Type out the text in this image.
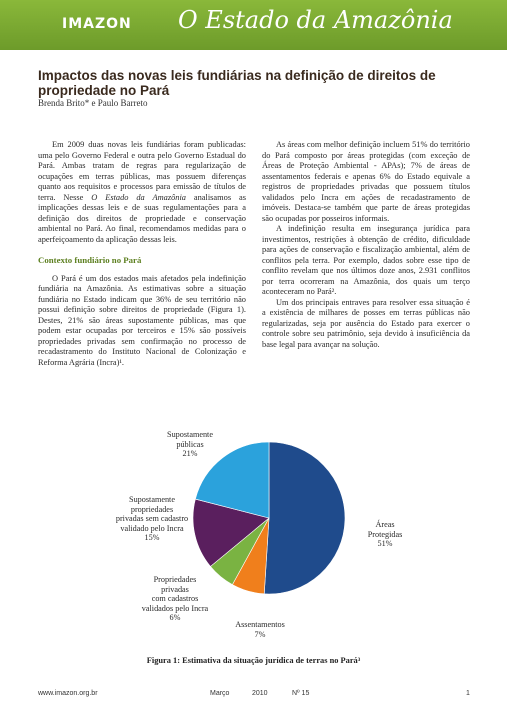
IMAZON O Estado da Amazônia
Impactos das novas leis fundiárias na definição de direitos de propriedade no Pará
Brenda Brito* e Paulo Barreto

Em 2009 duas novas leis fundiárias foram publicadas: uma pelo Governo Federal e outra pelo Governo Estadual do Pará. Ambas tratam de regras para regularização de ocupações em terras públicas, mas possuem diferenças quanto aos requisitos e processos para emissão de títulos de terra. Nesse O Estado da Amazônia analisamos as implicações dessas leis e de suas regulamentações para a definição dos direitos de propriedade e conservação ambiental no Pará. Ao final, recomendamos medidas para o aperfeiçoamento da aplicação dessas leis.

Contexto fundiário no Pará

O Pará é um dos estados mais afetados pela indefinição fundiária na Amazônia. As estimativas sobre a situação fundiária no Estado indicam que 36% de seu território não possui definição sobre direitos de propriedade (Figura 1). Destes, 21% são áreas supostamente públicas, mas que podem estar ocupadas por terceiros e 15% são possíveis propriedades privadas sem confirmação no processo de recadastramento do Instituto Nacional de Colonização e Reforma Agrária (Incra)¹.

As áreas com melhor definição incluem 51% do território do Pará composto por áreas protegidas (com exceção de Áreas de Proteção Ambiental - APAs); 7% de áreas de assentamentos federais e apenas 6% do Estado equivale a registros de propriedades privadas que possuem títulos validados pelo Incra em ações de recadastramento de imóveis. Destaca-se também que parte de áreas protegidas são ocupadas por posseiros informais.

A indefinição resulta em insegurança jurídica para investimentos, restrições à obtenção de crédito, dificuldade para ações de conservação e fiscalização ambiental, além de conflitos pela terra. Por exemplo, dados sobre esse tipo de conflito revelam que nos últimos doze anos, 2.931 conflitos por terra ocorreram na Amazônia, dos quais um terço aconteceram no Pará².

Um dos principais entraves para resolver essa situação é a existência de milhares de posses em terras públicas não regularizadas, seja por ausência do Estado para exercer o controle sobre seu patrimônio, seja devido à insuficiência da base legal para avançar na solução.

Áreas
Protegidas
51%
Assentamentos
7%
Propriedades
privadas
com cadastros
validados pelo Incra
6%
Supostamente
propriedades
privadas sem cadastro
validado pelo Incra
15%
Supostamente
públicas
21%
Figura 1: Estimativa da situação jurídica de terras no Pará³
www.imazon.org.br	Março	2010	Nº 15	1
